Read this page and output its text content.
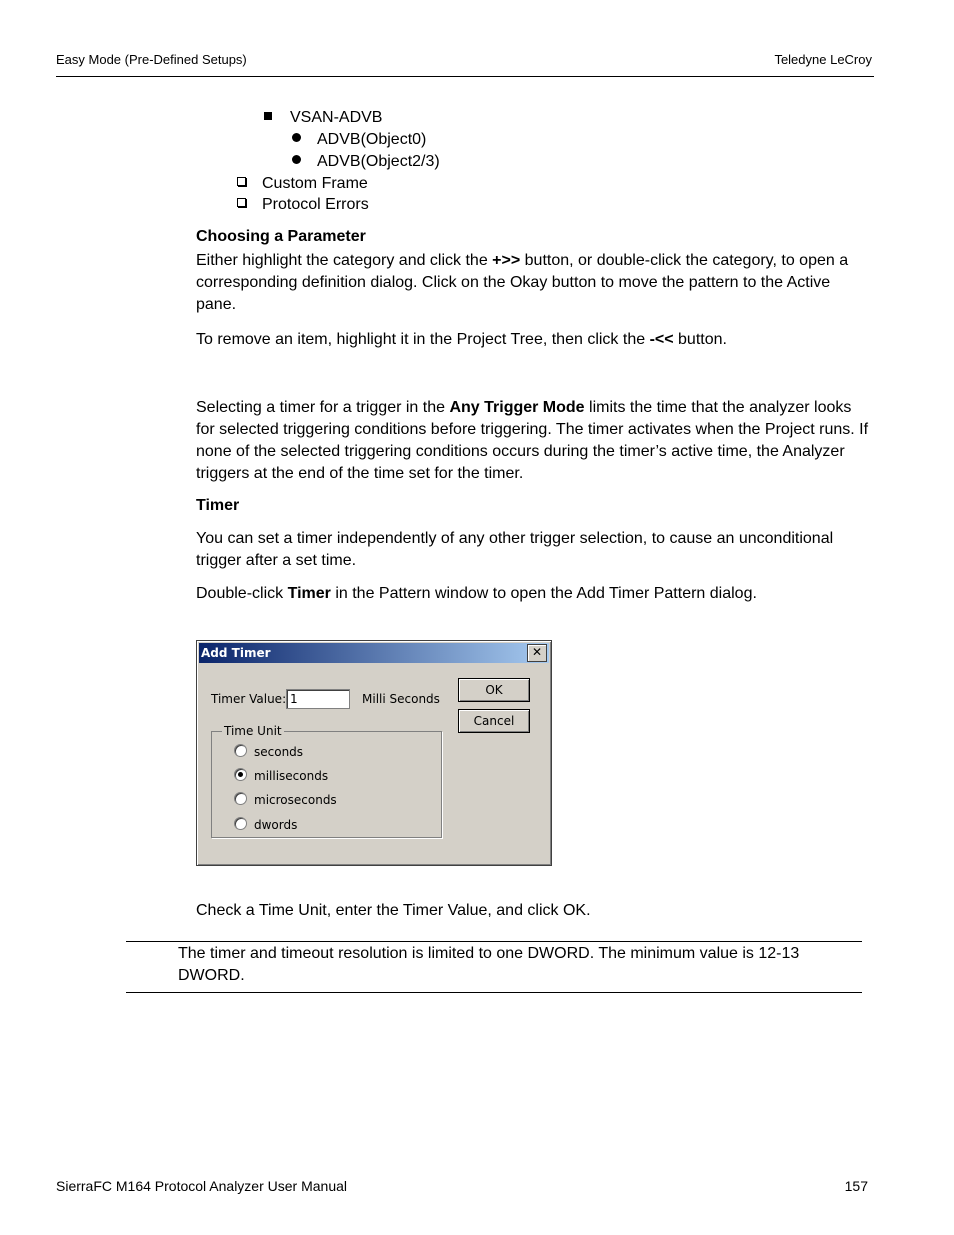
Easy Mode (Pre-Defined Setups)	Teledyne LeCroy
VSAN-ADVB
ADVB(Object0)
ADVB(Object2/3)
Custom Frame
Protocol Errors
Choosing a Parameter
Either highlight the category and click the +>> button, or double-click the category, to open a corresponding definition dialog. Click on the Okay button to move the pattern to the Active pane.
To remove an item, highlight it in the Project Tree, then click the -<< button.
Selecting a timer for a trigger in the Any Trigger Mode limits the time that the analyzer looks for selected triggering conditions before triggering. The timer activates when the Project runs. If none of the selected triggering conditions occurs during the timer’s active time, the Analyzer triggers at the end of the time set for the timer.
Timer
You can set a timer independently of any other trigger selection, to cause an unconditional trigger after a set time.
Double-click Timer in the Pattern window to open the Add Timer Pattern dialog.
Add Timer	✕
Timer Value:
1	Milli Seconds
OK
Cancel
Time Unit
seconds
milliseconds
microseconds
dwords
Check a Time Unit, enter the Timer Value, and click OK.
The timer and timeout resolution is limited to one DWORD. The minimum value is 12-13 DWORD.
SierraFC M164 Protocol Analyzer User Manual	157
